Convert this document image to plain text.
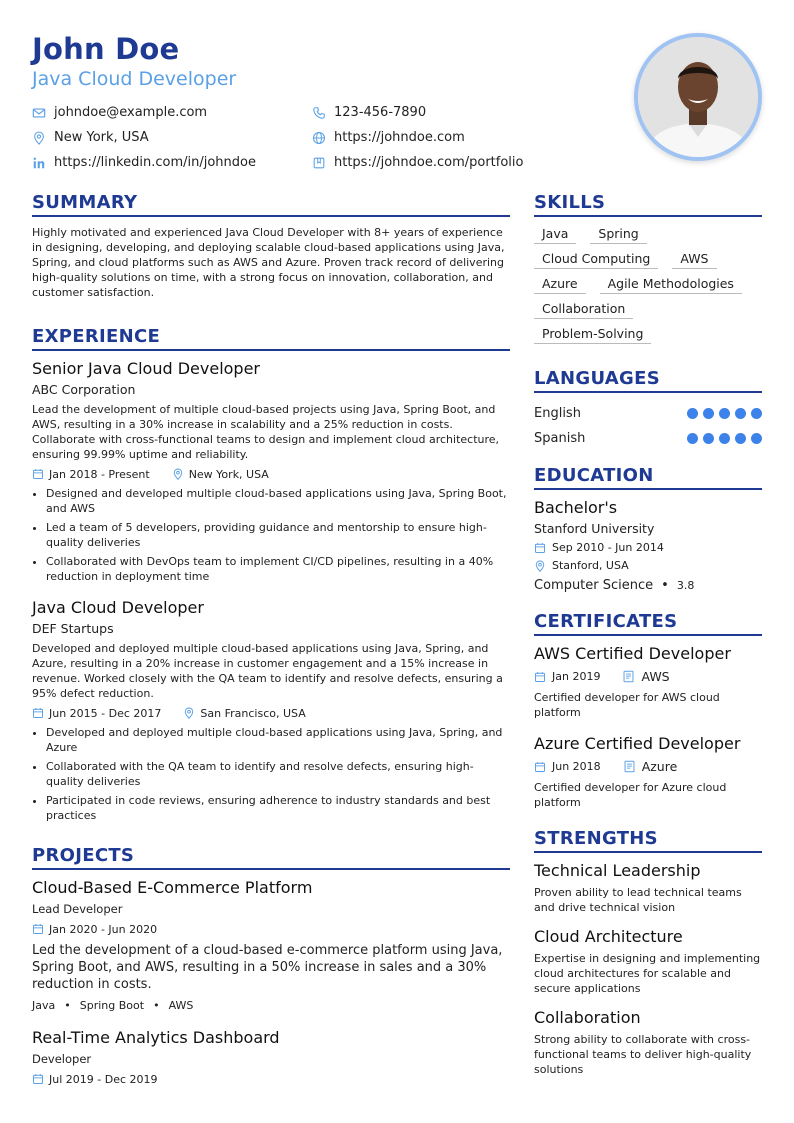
John Doe
Java Cloud Developer
johndoe@example.com	123-456-7890
New York, USA	https://johndoe.com
https://linkedin.com/in/johndoe	https://johndoe.com/portfolio
SUMMARY
Highly motivated and experienced Java Cloud Developer with 8+ years of experience in designing, developing, and deploying scalable cloud-based applications using Java, Spring, and cloud platforms such as AWS and Azure. Proven track record of delivering high-quality solutions on time, with a strong focus on innovation, collaboration, and customer satisfaction.
EXPERIENCE
Senior Java Cloud Developer
ABC Corporation
Lead the development of multiple cloud-based projects using Java, Spring Boot, and AWS, resulting in a 30% increase in scalability and a 25% reduction in costs. Collaborate with cross-functional teams to design and implement cloud architecture, ensuring 99.99% uptime and reliability.
Jan 2018 - Present	New York, USA
• Designed and developed multiple cloud-based applications using Java, Spring Boot, and AWS
• Led a team of 5 developers, providing guidance and mentorship to ensure high-quality deliveries
• Collaborated with DevOps team to implement CI/CD pipelines, resulting in a 40% reduction in deployment time
Java Cloud Developer
DEF Startups
Developed and deployed multiple cloud-based applications using Java, Spring, and Azure, resulting in a 20% increase in customer engagement and a 15% increase in revenue. Worked closely with the QA team to identify and resolve defects, ensuring a 95% defect reduction.
Jun 2015 - Dec 2017	San Francisco, USA
• Developed and deployed multiple cloud-based applications using Java, Spring, and Azure
• Collaborated with the QA team to identify and resolve defects, ensuring high-quality deliveries
• Participated in code reviews, ensuring adherence to industry standards and best practices
PROJECTS
Cloud-Based E-Commerce Platform
Lead Developer
Jan 2020 - Jun 2020
Led the development of a cloud-based e-commerce platform using Java, Spring Boot, and AWS, resulting in a 50% increase in sales and a 30% reduction in costs.
Java • Spring Boot • AWS
Real-Time Analytics Dashboard
Developer
Jul 2019 - Dec 2019
SKILLS
Java	Spring
Cloud Computing	AWS
Azure	Agile Methodologies
Collaboration
Problem-Solving
LANGUAGES
English
Spanish
EDUCATION
Bachelor's
Stanford University
Sep 2010 - Jun 2014
Stanford, USA
Computer Science • 3.8
CERTIFICATES
AWS Certified Developer
Jan 2019	AWS
Certified developer for AWS cloud platform
Azure Certified Developer
Jun 2018	Azure
Certified developer for Azure cloud platform
STRENGTHS
Technical Leadership
Proven ability to lead technical teams and drive technical vision
Cloud Architecture
Expertise in designing and implementing cloud architectures for scalable and secure applications
Collaboration
Strong ability to collaborate with cross-functional teams to deliver high-quality solutions
